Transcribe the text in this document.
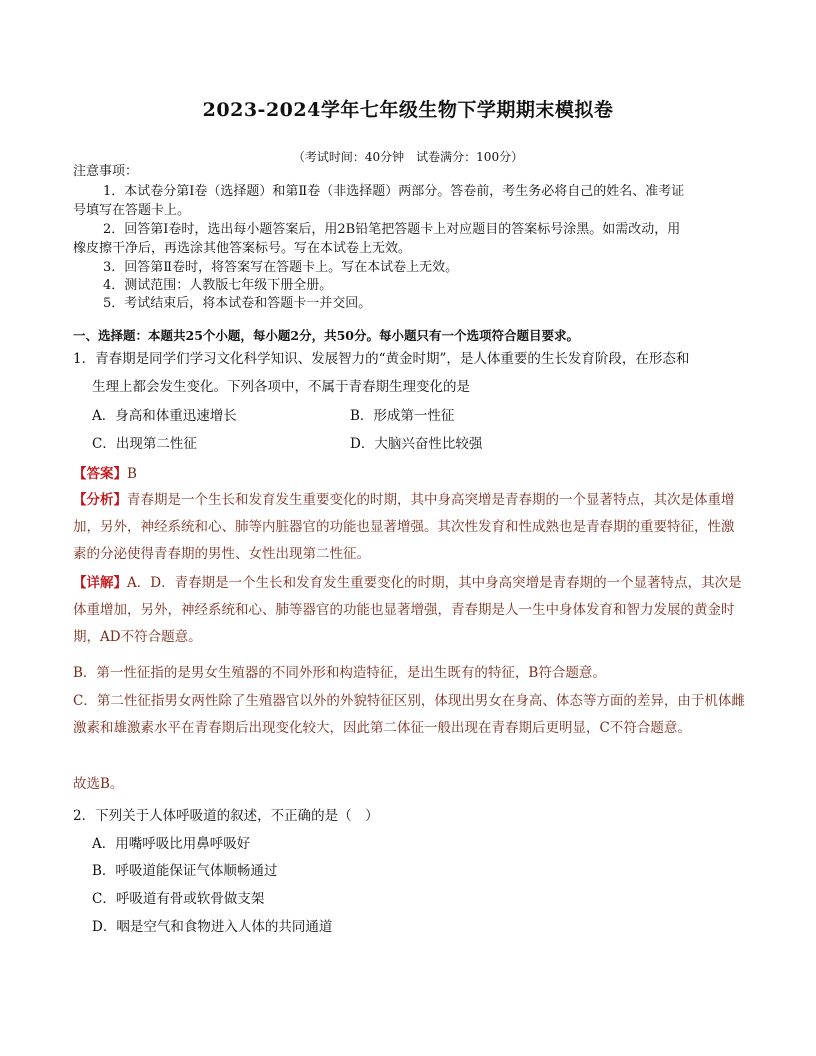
2023-2024学年七年级生物下学期期末模拟卷
（考试时间：40分钟　试卷满分：100分）
注意事项：
1．本试卷分第Ⅰ卷（选择题）和第Ⅱ卷（非选择题）两部分。答卷前，考生务必将自己的姓名、准考证
号填写在答题卡上。
2．回答第Ⅰ卷时，选出每小题答案后，用2B铅笔把答题卡上对应题目的答案标号涂黑。如需改动，用
橡皮擦干净后，再选涂其他答案标号。写在本试卷上无效。
3．回答第Ⅱ卷时，将答案写在答题卡上。写在本试卷上无效。
4．测试范围：人教版七年级下册全册。
5．考试结束后，将本试卷和答题卡一并交回。
一、选择题：本题共25个小题，每小题2分，共50分。每小题只有一个选项符合题目要求。
1．青春期是同学们学习文化科学知识、发展智力的“黄金时期”，是人体重要的生长发育阶段，在形态和
生理上都会发生变化。下列各项中，不属于青春期生理变化的是
A．身高和体重迅速增长	B．形成第一性征
C．出现第二性征	D．大脑兴奋性比较强
【答案】B
【分析】青春期是一个生长和发育发生重要变化的时期，其中身高突增是青春期的一个显著特点，其次是体重增加，另外，神经系统和心、肺等内脏器官的功能也显著增强。其次性发育和性成熟也是青春期的重要特征，性激素的分泌使得青春期的男性、女性出现第二性征。
【详解】A．D．青春期是一个生长和发育发生重要变化的时期，其中身高突增是青春期的一个显著特点，其次是体重增加，另外，神经系统和心、肺等器官的功能也显著增强，青春期是人一生中身体发育和智力发展的黄金时期，AD不符合题意。
B．第一性征指的是男女生殖器的不同外形和构造特征，是出生既有的特征，B符合题意。
C．第二性征指男女两性除了生殖器官以外的外貌特征区别，体现出男女在身高、体态等方面的差异，由于机体雌激素和雄激素水平在青春期后出现变化较大，因此第二体征一般出现在青春期后更明显，C不符合题意。
故选B。
2．下列关于人体呼吸道的叙述，不正确的是（　）
A．用嘴呼吸比用鼻呼吸好
B．呼吸道能保证气体顺畅通过
C．呼吸道有骨或软骨做支架
D．咽是空气和食物进入人体的共同通道
